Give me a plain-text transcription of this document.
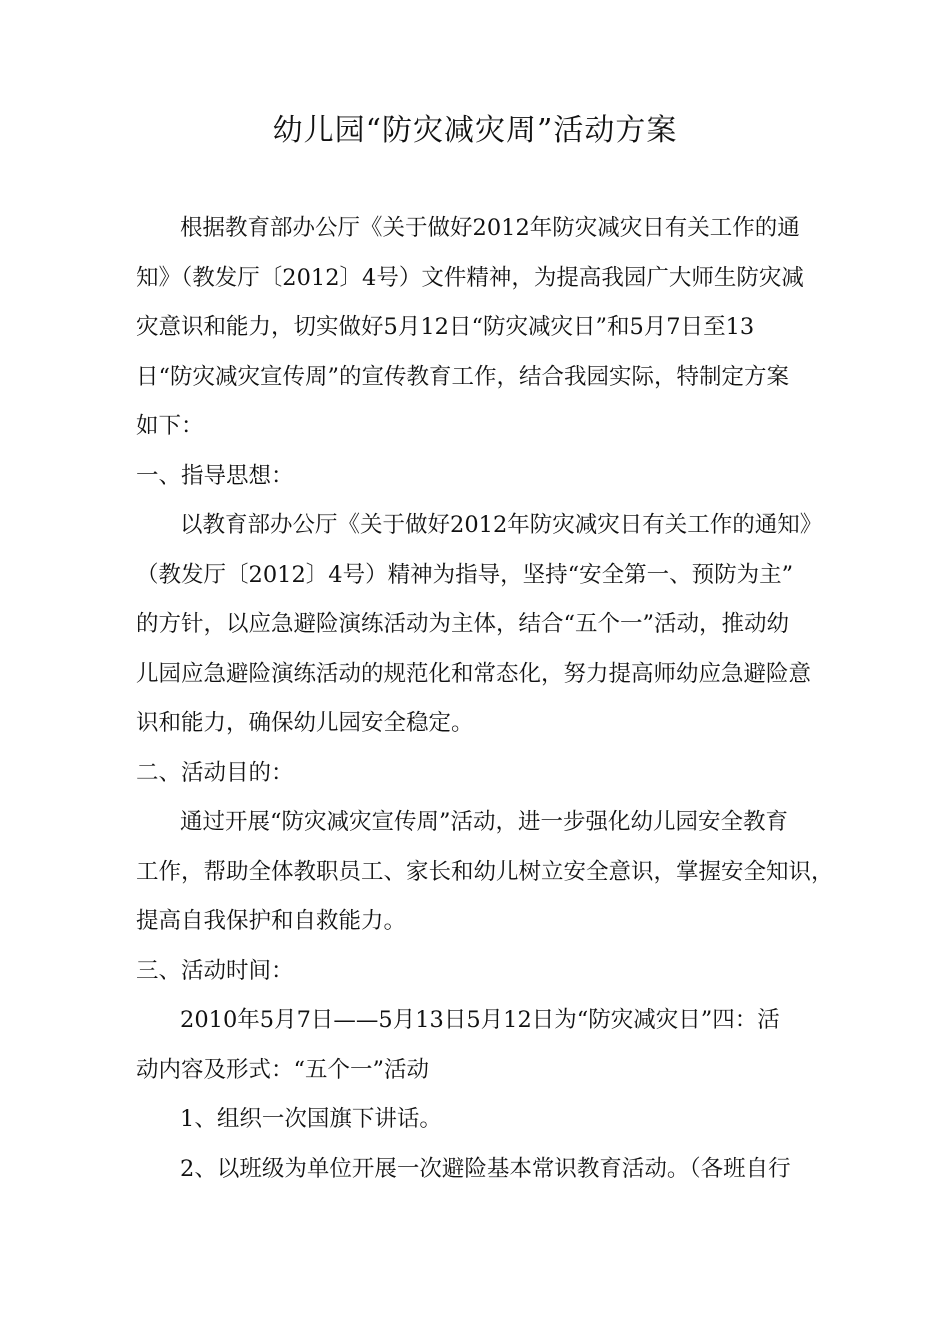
幼儿园“防灾减灾周”活动方案
根据教育部办公厅《关于做好2012年防灾减灾日有关工作的通
知》（教发厅〔2012〕4号）文件精神，为提高我园广大师生防灾减
灾意识和能力，切实做好5月12日“防灾减灾日”和5月7日至13
日“防灾减灾宣传周”的宣传教育工作，结合我园实际，特制定方案
如下：
一、指导思想：
以教育部办公厅《关于做好2012年防灾减灾日有关工作的通知》
（教发厅〔2012〕4号）精神为指导，坚持“安全第一、预防为主”
的方针，以应急避险演练活动为主体，结合“五个一”活动，推动幼
儿园应急避险演练活动的规范化和常态化，努力提高师幼应急避险意
识和能力，确保幼儿园安全稳定。
二、活动目的：
通过开展“防灾减灾宣传周”活动，进一步强化幼儿园安全教育
工作，帮助全体教职员工、家长和幼儿树立安全意识，掌握安全知识，
提高自我保护和自救能力。
三、活动时间：
2010年5月7日——5月13日5月12日为“防灾减灾日”四：活
动内容及形式：“五个一”活动
1、组织一次国旗下讲话。
2、以班级为单位开展一次避险基本常识教育活动。（各班自行
